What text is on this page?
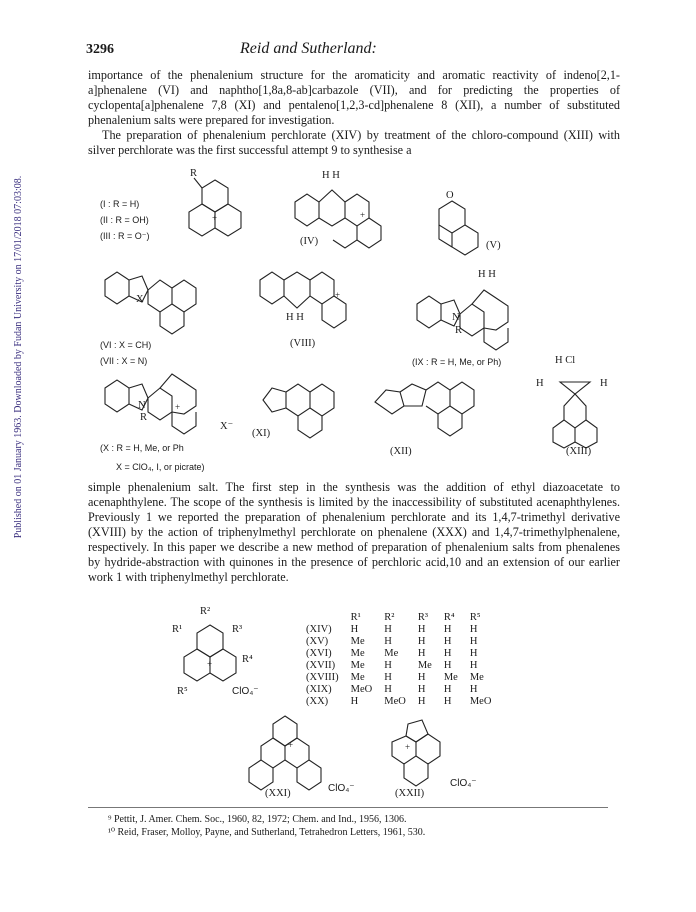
Published on 01 January 1963. Downloaded by Fudan University on 17/01/2018 07:03:08.
3296	Reid and Sutherland:

importance of the phenalenium structure for the aromaticity and aromatic reactivity of indeno[2,1-a]phenalene (VI) and naphtho[1,8a,8-ab]carbazole (VII), and for predicting the properties of cyclopenta[a]phenalene 7,8 (XI) and pentaleno[1,2,3-cd]phenalene 8 (XII), a number of substituted phenalenium salts were prepared for investigation.

The preparation of phenalenium perchlorate (XIV) by treatment of the chloro-compound (XIII) with silver perchlorate was the first successful attempt 9 to synthesise a

(I : R = H)
(II : R = OH)
(III : R = O⁻)
R
+
H H
+
(IV)
O
(V)
X
(VI : X = CH)
(VII : X = N)
H H
+
(VIII)
H H
N
R
(IX : R = H, Me, or Ph)	H Cl
H	H
N
R
+
X⁻
(X : R = H, Me, or Ph
X = ClO₄, I, or picrate)
(XI)
(XII)	(XIII)
simple phenalenium salt. The first step in the synthesis was the addition of ethyl diazoacetate to acenaphthylene. The scope of the synthesis is limited by the inaccessibility of substituted acenaphthylenes. Previously 1 we reported the preparation of phenalenium perchlorate and its 1,4,7-trimethyl derivative (XVIII) by the action of triphenylmethyl perchlorate on phenalene (XXX) and 1,4,7-trimethylphenalene, respectively. In this paper we describe a new method of preparation of phenalenium salts from phenalenes by hydride-abstraction with quinones in the presence of perchloric acid,10 and an extension of our earlier work 1 with triphenylmethyl perchlorate.
R²
R¹	R³
R⁴
R⁵
+
ClO₄⁻
	R¹	R²	R³	R⁴	R⁵
(XIV)	H	H	H	H	H
(XV)	Me	H	H	H	H
(XVI)	Me	Me	H	H	H
(XVII)	Me	H	Me	H	H
(XVIII)	Me	H	H	Me	Me
(XIX)	MeO	H	H	H	H
(XX)	H	MeO	H	H	MeO
+
(XXI)	ClO₄⁻
+
(XXII)
ClO₄⁻
⁹ Pettit, J. Amer. Chem. Soc., 1960, 82, 1972; Chem. and Ind., 1956, 1306.
¹⁰ Reid, Fraser, Molloy, Payne, and Sutherland, Tetrahedron Letters, 1961, 530.
